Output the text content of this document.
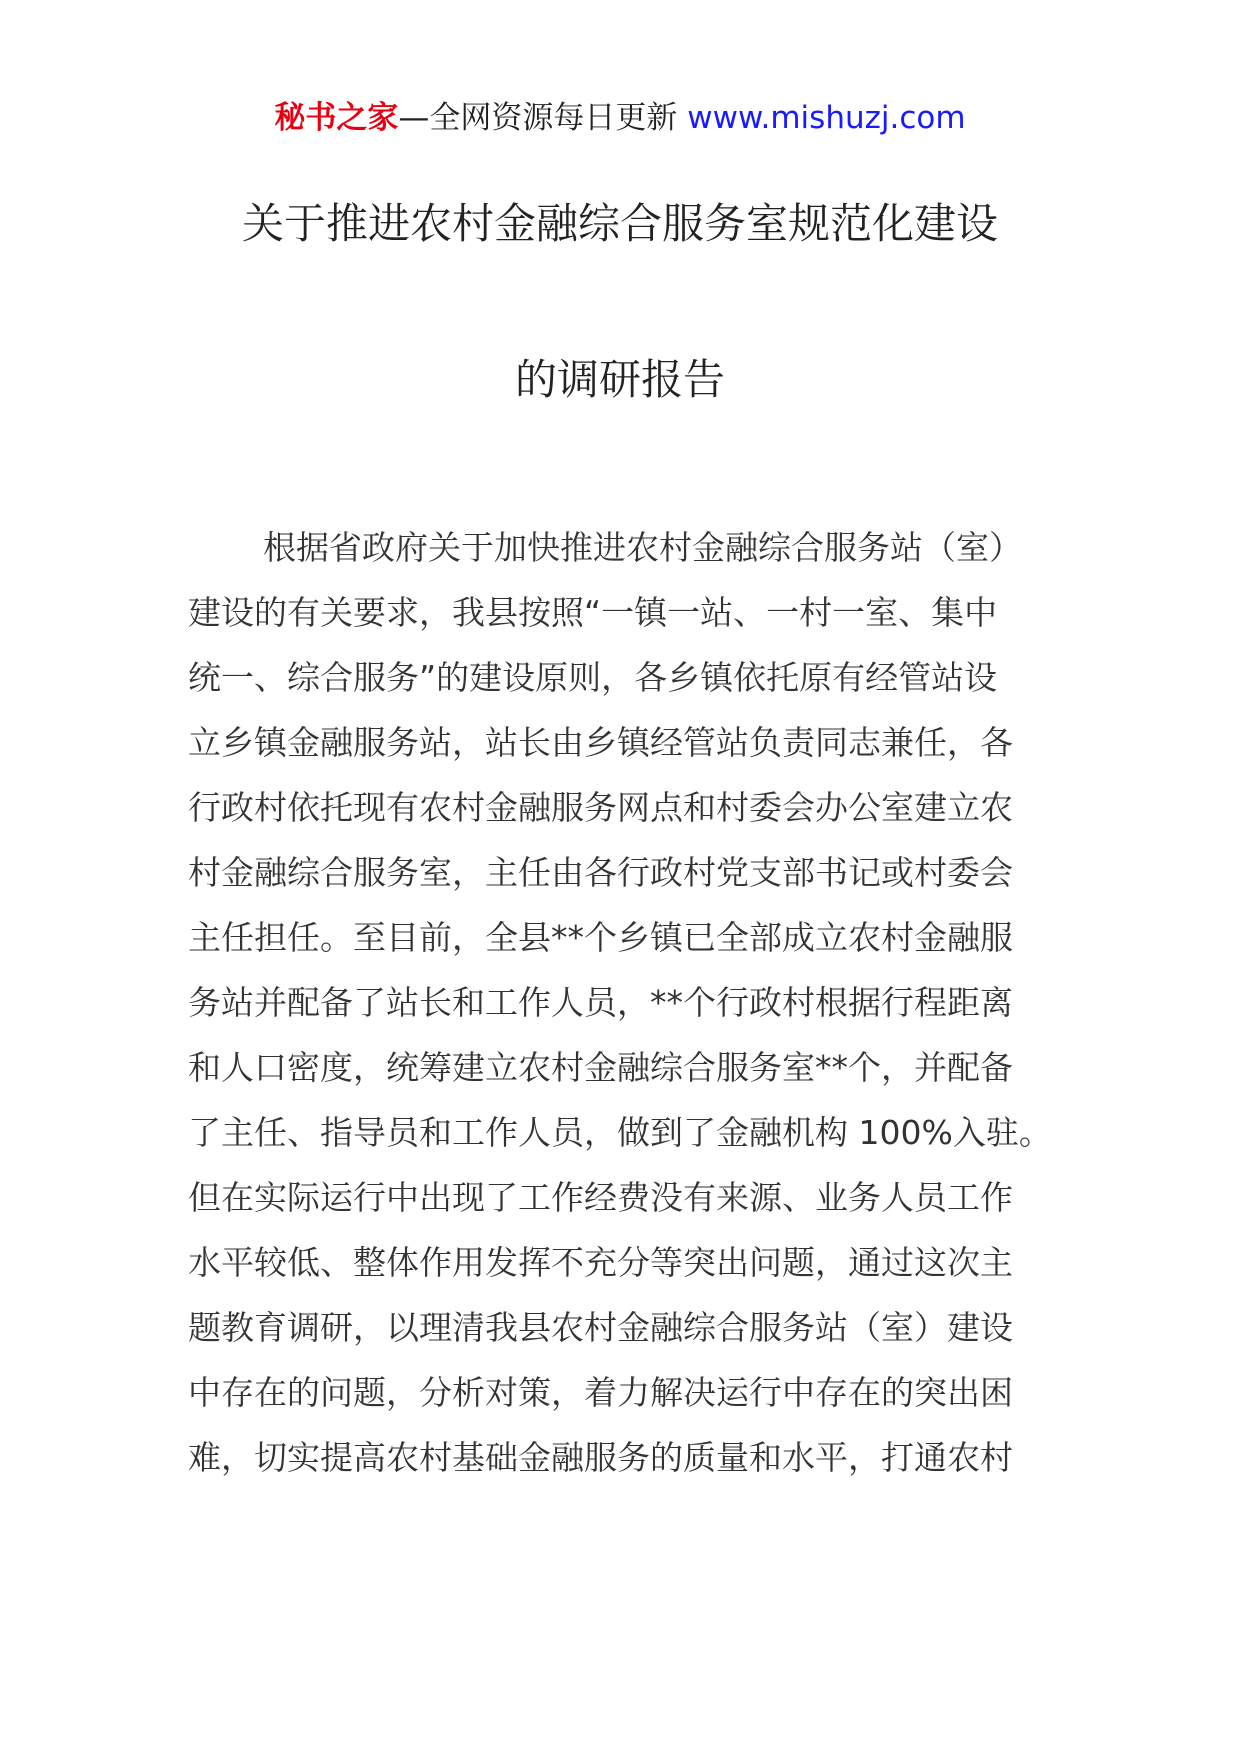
秘书之家—全网资源每日更新 www.mishuzj.com
关于推进农村金融综合服务室规范化建设
的调研报告
根据省政府关于加快推进农村金融综合服务站（室）
建设的有关要求，我县按照“一镇一站、一村一室、集中
统一、综合服务”的建设原则，各乡镇依托原有经管站设
立乡镇金融服务站，站长由乡镇经管站负责同志兼任，各
行政村依托现有农村金融服务网点和村委会办公室建立农
村金融综合服务室，主任由各行政村党支部书记或村委会
主任担任。至目前，全县**个乡镇已全部成立农村金融服
务站并配备了站长和工作人员，**个行政村根据行程距离
和人口密度，统筹建立农村金融综合服务室**个，并配备
了主任、指导员和工作人员，做到了金融机构 100%入驻。
但在实际运行中出现了工作经费没有来源、业务人员工作
水平较低、整体作用发挥不充分等突出问题，通过这次主
题教育调研，以理清我县农村金融综合服务站（室）建设
中存在的问题，分析对策，着力解决运行中存在的突出困
难，切实提高农村基础金融服务的质量和水平，打通农村
